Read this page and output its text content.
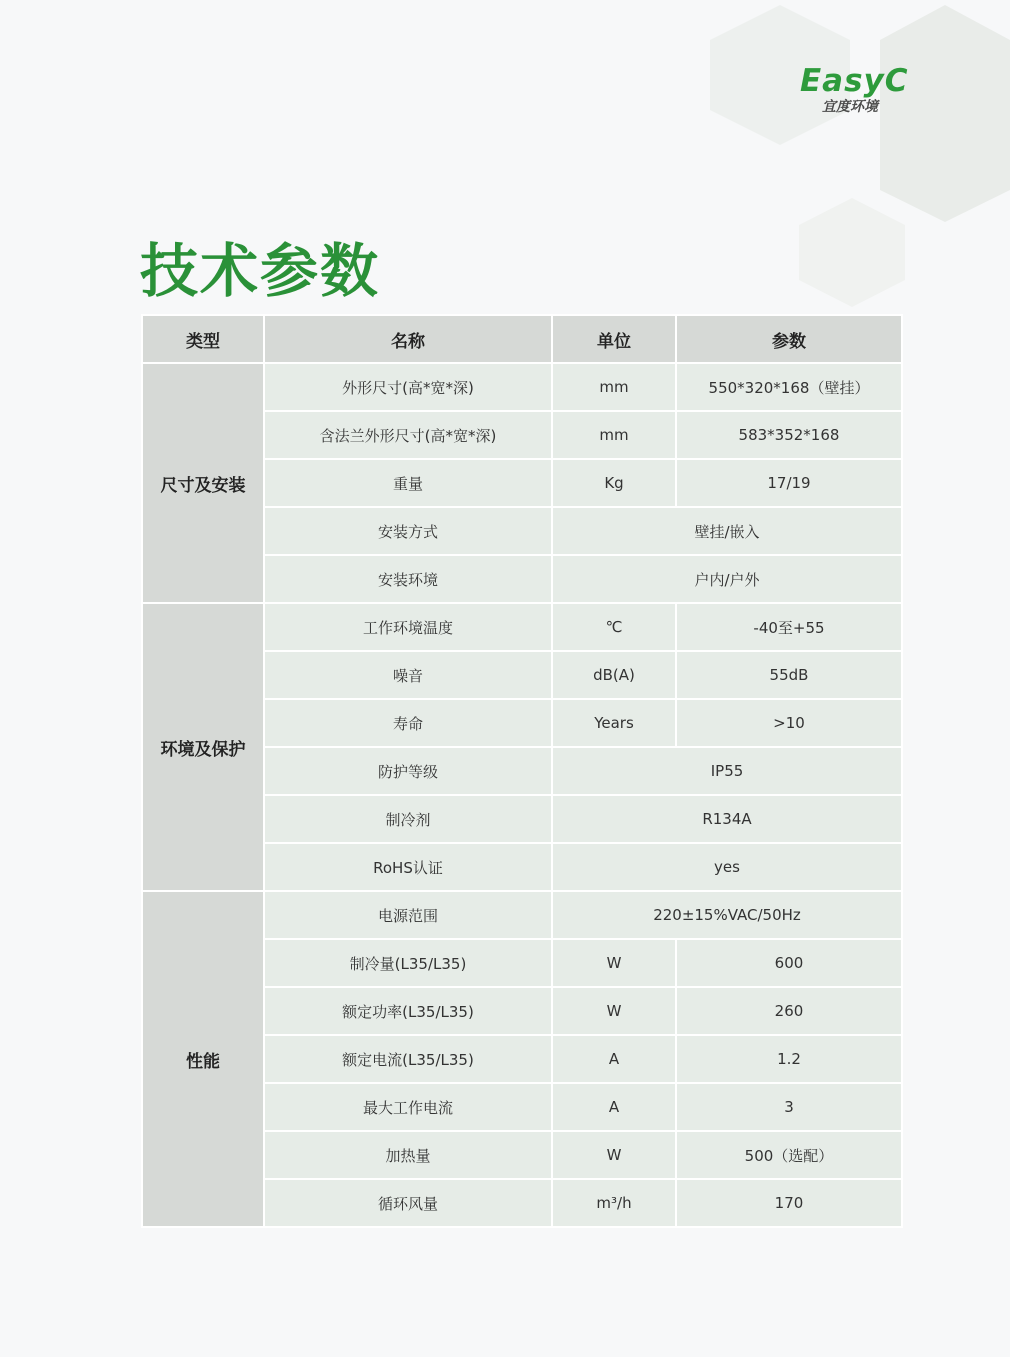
EasyC
宜度环境
技术参数
类型	名称	单位	参数
尺寸及安装	外形尺寸(高*宽*深)	mm	550*320*168（壁挂）
	含法兰外形尺寸(高*宽*深)	mm	583*352*168
	重量	Kg	17/19
	安装方式	壁挂/嵌入	
	安装环境	户内/户外	
环境及保护	工作环境温度	℃	-40至+55
	噪音	dB(A)	55dB
	寿命	Years	>10
	防护等级	IP55	
	制冷剂	R134A	
	RoHS认证	yes	
性能	电源范围	220±15%VAC/50Hz	
	制冷量(L35/L35)	W	600
	额定功率(L35/L35)	W	260
	额定电流(L35/L35)	A	1.2
	最大工作电流	A	3
	加热量	W	500（选配）
	循环风量	m³/h	170
